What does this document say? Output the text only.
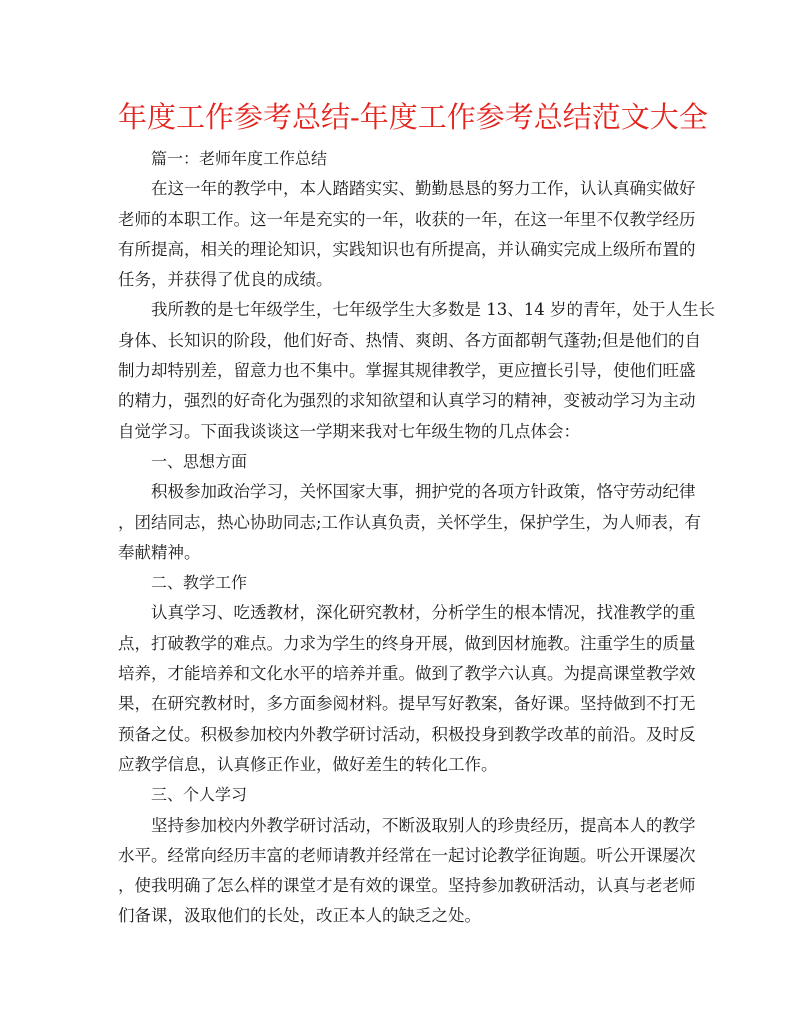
年度工作参考总结-年度工作参考总结范文大全
篇一：老师年度工作总结
在这一年的教学中，本人踏踏实实、勤勤恳恳的努力工作，认认真确实做好
老师的本职工作。这一年是充实的一年，收获的一年，在这一年里不仅教学经历
有所提高，相关的理论知识，实践知识也有所提高，并认确实完成上级所布置的
任务，并获得了优良的成绩。
我所教的是七年级学生，七年级学生大多数是 13、14 岁的青年，处于人生长
身体、长知识的阶段，他们好奇、热情、爽朗、各方面都朝气蓬勃;但是他们的自
制力却特别差，留意力也不集中。掌握其规律教学，更应擅长引导，使他们旺盛
的精力，强烈的好奇化为强烈的求知欲望和认真学习的精神，变被动学习为主动
自觉学习。下面我谈谈这一学期来我对七年级生物的几点体会：
一、思想方面
积极参加政治学习，关怀国家大事，拥护党的各项方针政策，恪守劳动纪律
，团结同志，热心协助同志;工作认真负责，关怀学生，保护学生，为人师表，有
奉献精神。
二、教学工作
认真学习、吃透教材，深化研究教材，分析学生的根本情况，找准教学的重
点，打破教学的难点。力求为学生的终身开展，做到因材施教。注重学生的质量
培养，才能培养和文化水平的培养并重。做到了教学六认真。为提高课堂教学效
果，在研究教材时，多方面参阅材料。提早写好教案，备好课。坚持做到不打无
预备之仗。积极参加校内外教学研讨活动，积极投身到教学改革的前沿。及时反
应教学信息，认真修正作业，做好差生的转化工作。
三、个人学习
坚持参加校内外教学研讨活动，不断汲取别人的珍贵经历，提高本人的教学
水平。经常向经历丰富的老师请教并经常在一起讨论教学征询题。听公开课屡次
，使我明确了怎么样的课堂才是有效的课堂。坚持参加教研活动，认真与老老师
们备课，汲取他们的长处，改正本人的缺乏之处。
